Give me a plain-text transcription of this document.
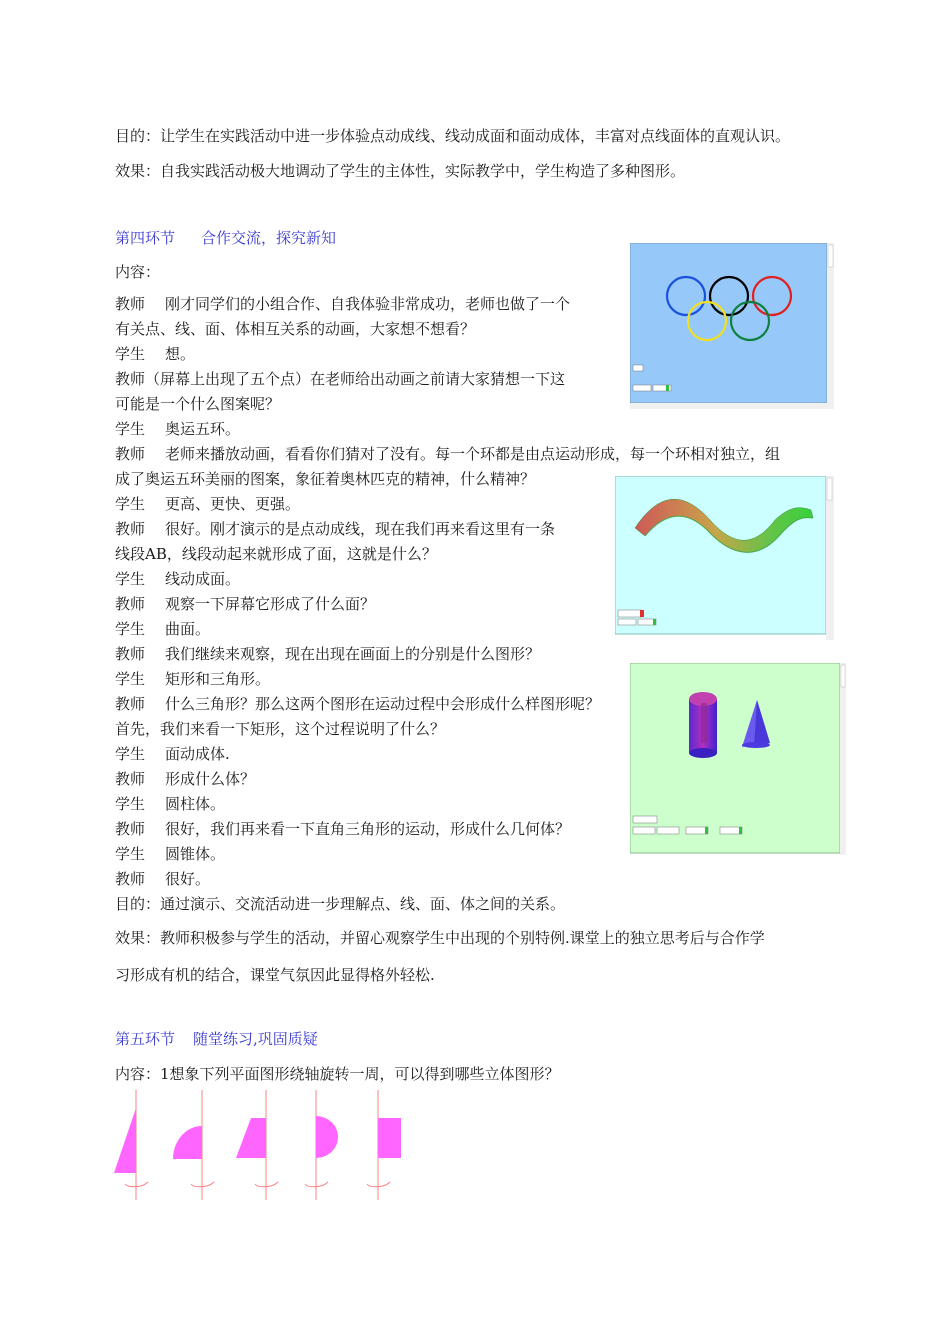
目的：让学生在实践活动中进一步体验点动成线、线动成面和面动成体，丰富对点线面体的直观认识。
效果：自我实践活动极大地调动了学生的主体性，实际教学中，学生构造了多种图形。
第四环节 合作交流，探究新知
内容：
教师 刚才同学们的小组合作、自我体验非常成功，老师也做了一个
有关点、线、面、体相互关系的动画，大家想不想看？
学生 想。
教师（屏幕上出现了五个点）在老师给出动画之前请大家猜想一下这
可能是一个什么图案呢？
学生 奥运五环。
教师 老师来播放动画，看看你们猜对了没有。每一个环都是由点运动形成，每一个环相对独立，组
成了奥运五环美丽的图案，象征着奥林匹克的精神，什么精神？
学生 更高、更快、更强。
教师 很好。刚才演示的是点动成线，现在我们再来看这里有一条
线段AB，线段动起来就形成了面，这就是什么？
学生 线动成面。
教师 观察一下屏幕它形成了什么面？
学生 曲面。
教师 我们继续来观察，现在出现在画面上的分别是什么图形？
学生 矩形和三角形。
教师 什么三角形？那么这两个图形在运动过程中会形成什么样图形呢？
首先，我们来看一下矩形，这个过程说明了什么？
学生 面动成体.
教师 形成什么体？
学生 圆柱体。
教师 很好，我们再来看一下直角三角形的运动，形成什么几何体？
学生 圆锥体。
教师 很好。
目的：通过演示、交流活动进一步理解点、线、面、体之间的关系。
效果：教师积极参与学生的活动，并留心观察学生中出现的个别特例.课堂上的独立思考后与合作学
习形成有机的结合，课堂气氛因此显得格外轻松.
第五环节 随堂练习,巩固质疑
内容：1想象下列平面图形绕轴旋转一周，可以得到哪些立体图形？
